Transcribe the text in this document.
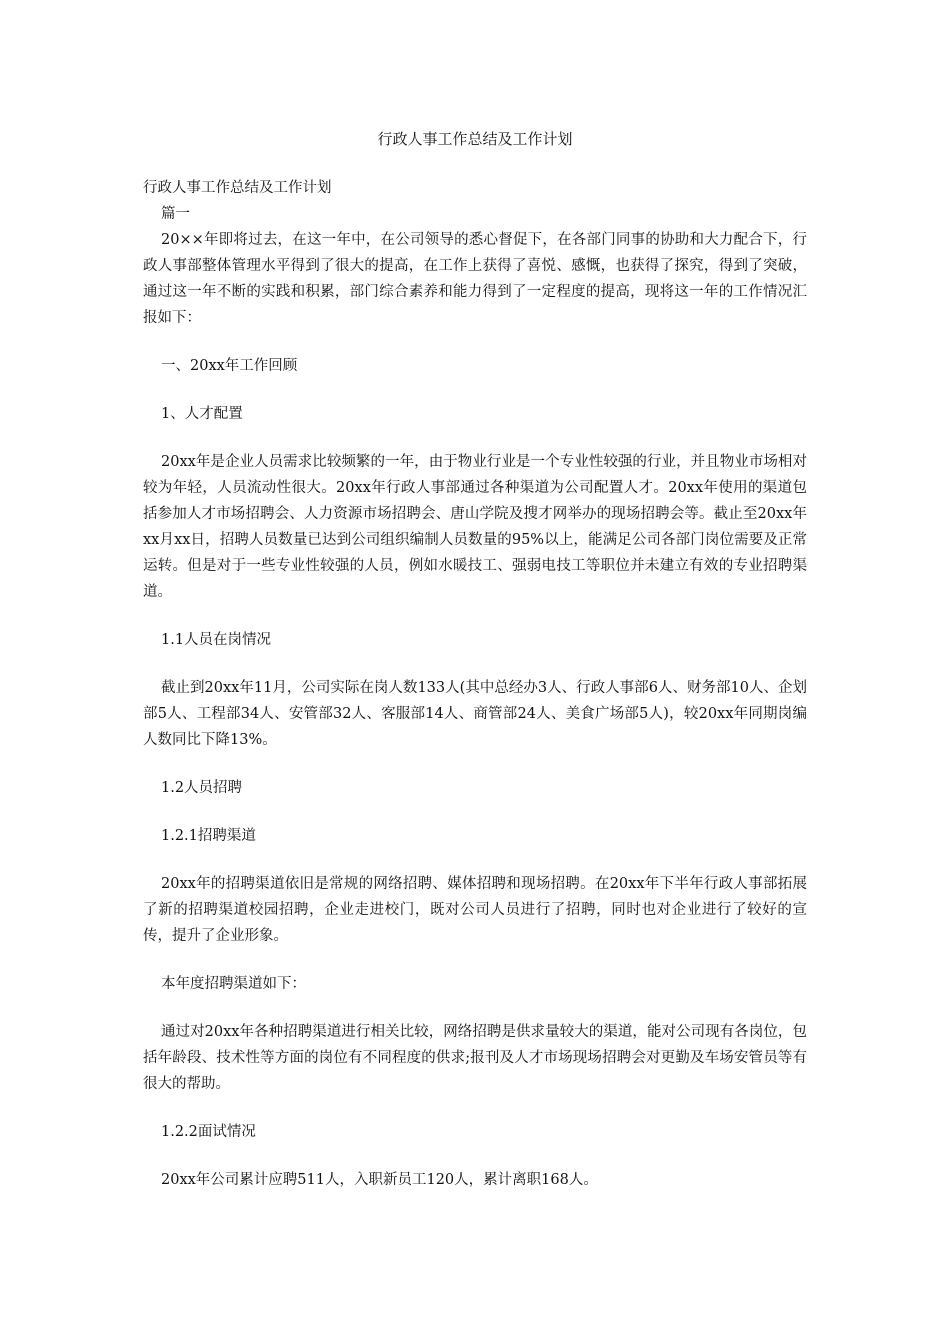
行政人事工作总结及工作计划

行政人事工作总结及工作计划

篇一

20××年即将过去，在这一年中，在公司领导的悉心督促下，在各部门同事的协助和大力配合下，行政人事部整体管理水平得到了很大的提高，在工作上获得了喜悦、感慨，也获得了探究，得到了突破，通过这一年不断的实践和积累，部门综合素养和能力得到了一定程度的提高，现将这一年的工作情况汇报如下：

一、20xx年工作回顾

1、人才配置

20xx年是企业人员需求比较频繁的一年，由于物业行业是一个专业性较强的行业，并且物业市场相对较为年轻，人员流动性很大。20xx年行政人事部通过各种渠道为公司配置人才。20xx年使用的渠道包括参加人才市场招聘会、人力资源市场招聘会、唐山学院及搜才网举办的现场招聘会等。截止至20xx年xx月xx日，招聘人员数量已达到公司组织编制人员数量的95%以上，能满足公司各部门岗位需要及正常运转。但是对于一些专业性较强的人员，例如水暖技工、强弱电技工等职位并未建立有效的专业招聘渠道。

1.1人员在岗情况

截止到20xx年11月，公司实际在岗人数133人(其中总经办3人、行政人事部6人、财务部10人、企划部5人、工程部34人、安管部32人、客服部14人、商管部24人、美食广场部5人)，较20xx年同期岗编人数同比下降13%。

1.2人员招聘

1.2.1招聘渠道

20xx年的招聘渠道依旧是常规的网络招聘、媒体招聘和现场招聘。在20xx年下半年行政人事部拓展了新的招聘渠道校园招聘，企业走进校门，既对公司人员进行了招聘，同时也对企业进行了较好的宣传，提升了企业形象。

本年度招聘渠道如下：

通过对20xx年各种招聘渠道进行相关比较，网络招聘是供求量较大的渠道，能对公司现有各岗位，包括年龄段、技术性等方面的岗位有不同程度的供求;报刊及人才市场现场招聘会对更勤及车场安管员等有很大的帮助。

1.2.2面试情况

20xx年公司累计应聘511人，入职新员工120人，累计离职168人。
